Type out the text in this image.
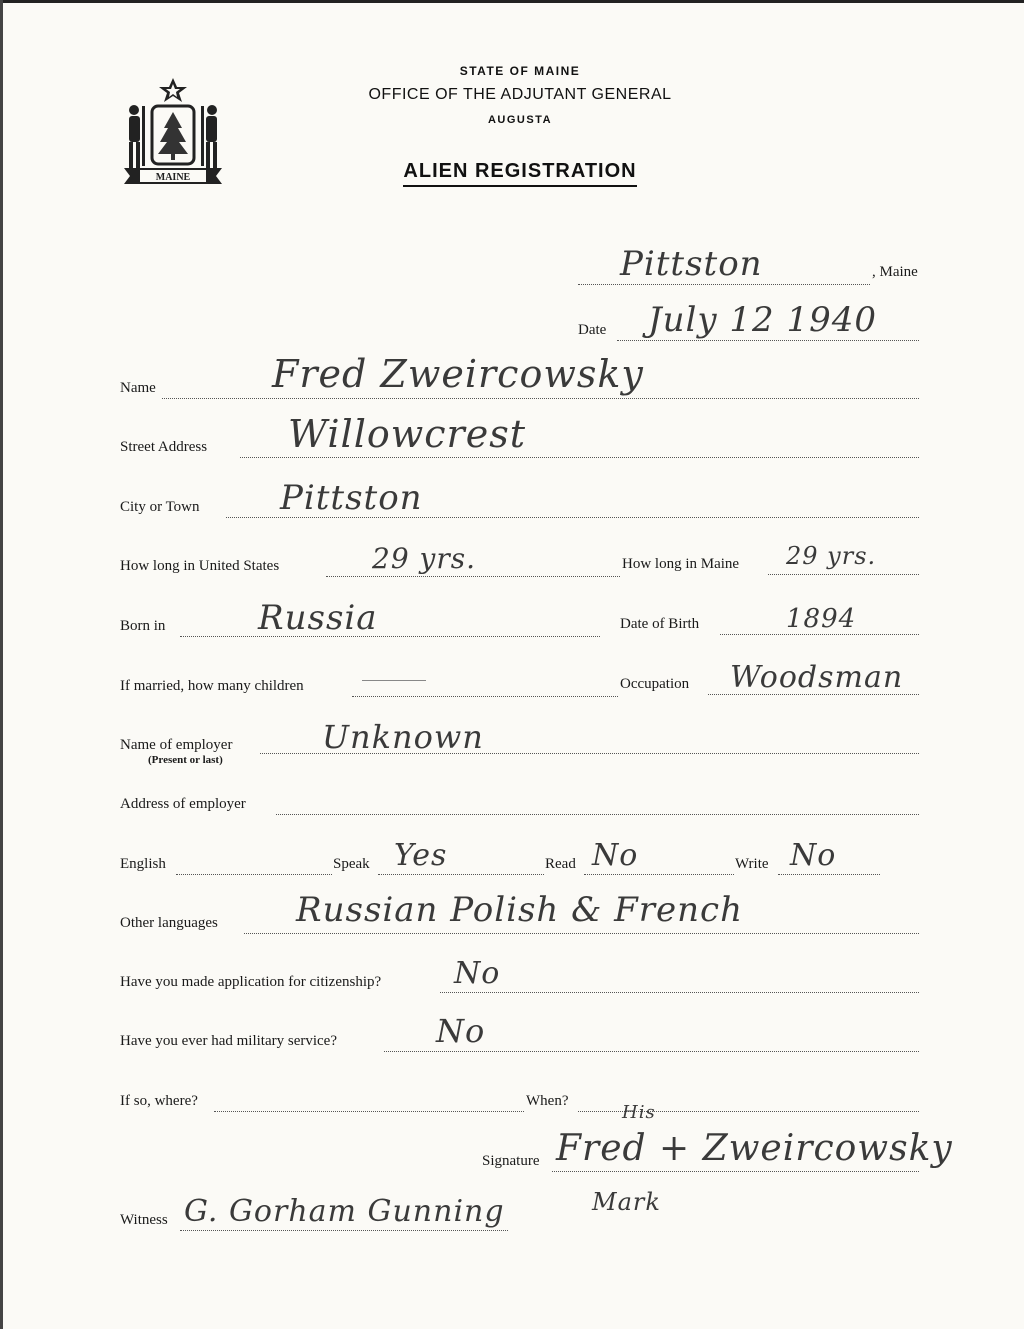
MAINE
STATE OF MAINE
OFFICE OF THE ADJUTANT GENERAL
AUGUSTA
ALIEN REGISTRATION
Pittston	, Maine
Date July 12 1940
Name	Fred Zweircowsky
Street Address Willowcrest
City or Town Pittston
How long in United States	29 yrs.	How long in Maine 29 yrs.
Born in	Russia	Date of Birth	1894
If married, how many children	Occupation Woodsman
Name of employer
(Present or last)
Unknown
Address of employer
English	Speak Yes	Read No	Write No
Other languages Russian Polish & French
Have you made application for citizenship? No
Have you ever had military service?	No
If so, where?	When?
His
Signature Fred + Zweircowsky
Mark
Witness G. Gorham Gunning
